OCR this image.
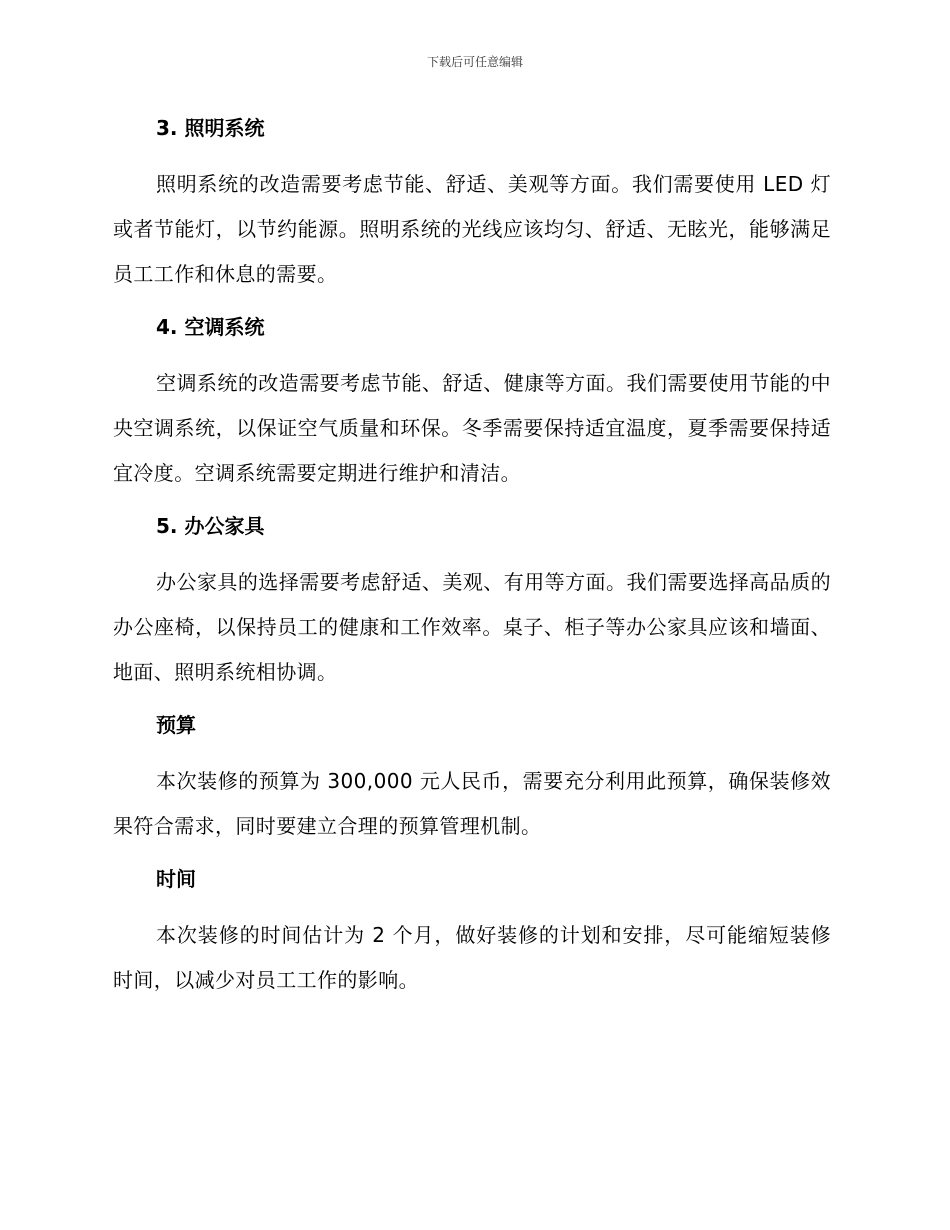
下载后可任意编辑
3. 照明系统

照明系统的改造需要考虑节能、舒适、美观等方面。我们需要使用 LED 灯或者节能灯，以节约能源。照明系统的光线应该均匀、舒适、无眩光，能够满足员工工作和休息的需要。

4. 空调系统

空调系统的改造需要考虑节能、舒适、健康等方面。我们需要使用节能的中央空调系统，以保证空气质量和环保。冬季需要保持适宜温度，夏季需要保持适宜冷度。空调系统需要定期进行维护和清洁。

5. 办公家具

办公家具的选择需要考虑舒适、美观、有用等方面。我们需要选择高品质的办公座椅，以保持员工的健康和工作效率。桌子、柜子等办公家具应该和墙面、地面、照明系统相协调。

预算

本次装修的预算为 300,000 元人民币，需要充分利用此预算，确保装修效果符合需求，同时要建立合理的预算管理机制。

时间

本次装修的时间估计为 2 个月，做好装修的计划和安排，尽可能缩短装修时间，以减少对员工工作的影响。
